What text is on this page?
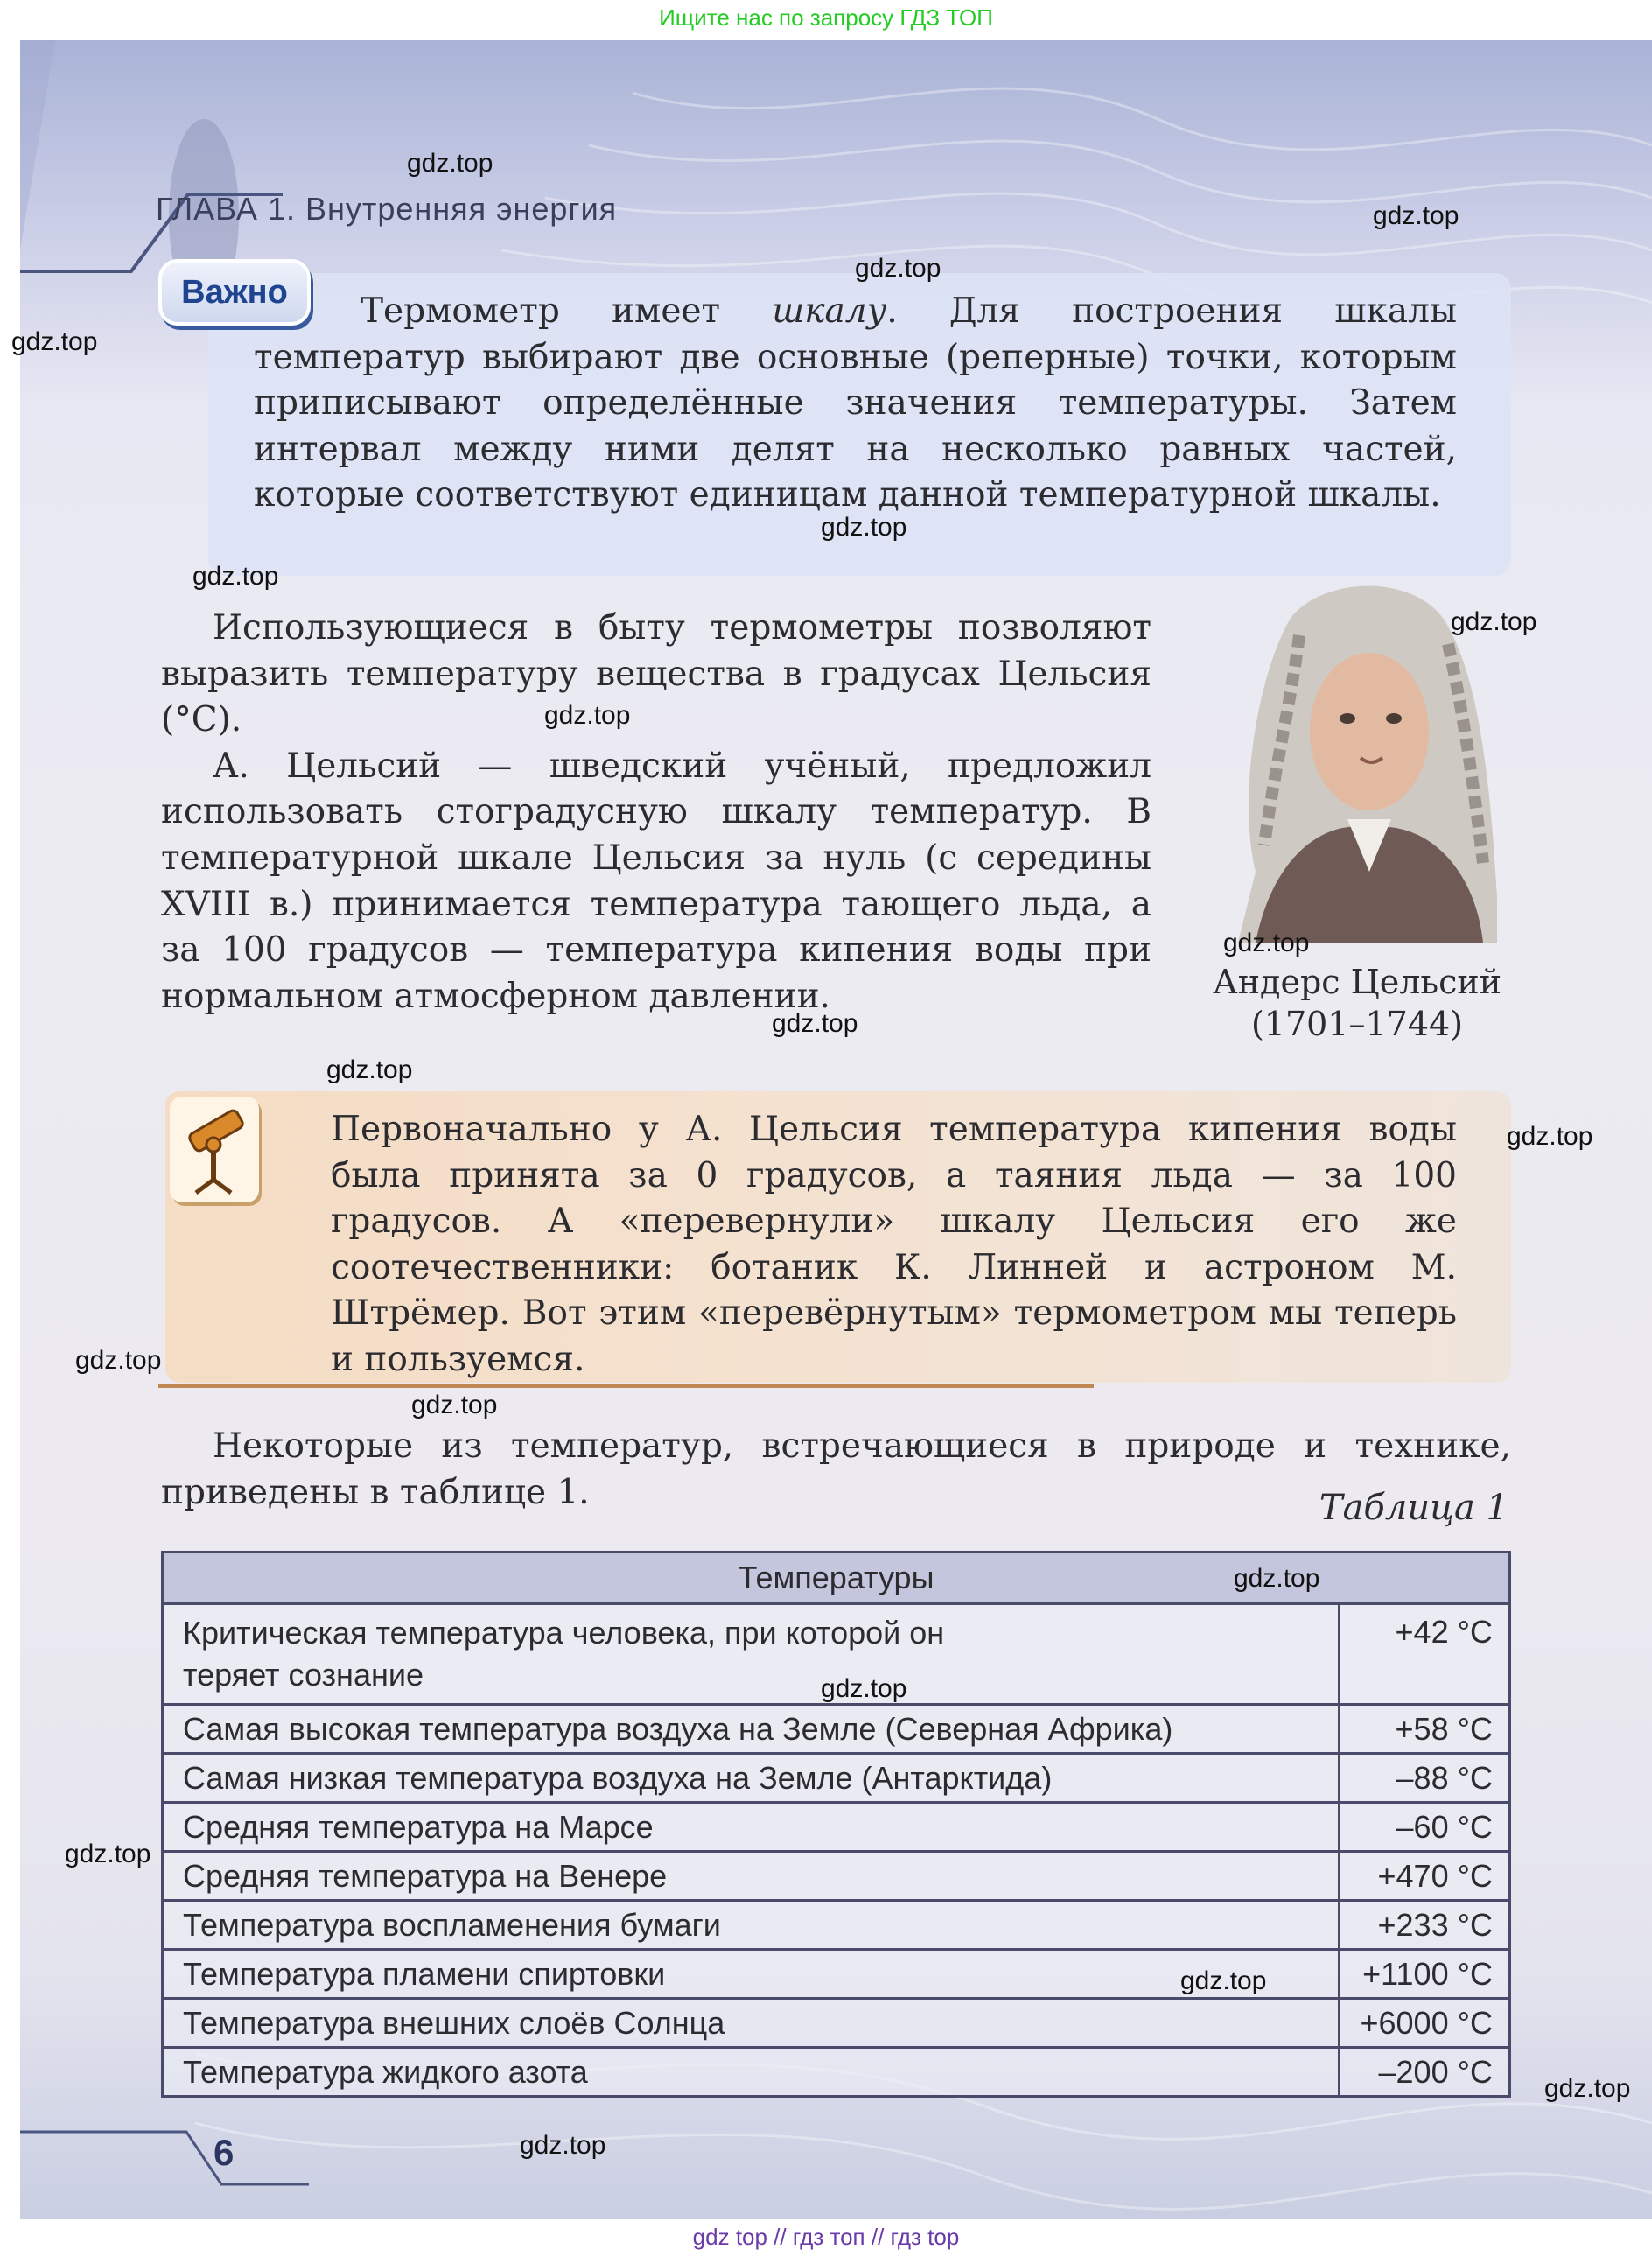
Ищите нас по запросу ГДЗ ТОП
ГЛАВА 1. Внутренняя энергия
Важно	Термометр имеет шкалу. Для построения шкалы температур выбирают две основные (реперные) точки, которым приписывают определённые значения температуры. Затем интервал между ними делят на несколько равных частей, которые соответствуют единицам данной температурной шкалы.

Использующиеся в быту термометры позволяют выразить температуру вещества в градусах Цельсия (°С).

А. Цельсий — шведский учёный, предложил использовать стоградусную шкалу температур. В температурной шкале Цельсия за нуль (с середины XVIII в.) принимается температура тающего льда, а за 100 градусов — температура кипения воды при нормальном атмосферном давлении.	Андерс Цельсий
(1701–1744)
Первоначально у А. Цельсия температура кипения воды была принята за 0 градусов, а таяния льда — за 100 градусов. А «перевернули» шкалу Цельсия его же соотечественники: ботаник К. Линней и астроном М. Штрёмер. Вот этим «перевёрнутым» термометром мы теперь и пользуемся.

Некоторые из температур, встречающиеся в природе и технике, приведены в таблице 1.	Таблица 1
Температуры	
Критическая температура человека, при которой он теряет сознание	+42 °С
Самая высокая температура воздуха на Земле (Северная Африка)	+58 °С
Самая низкая температура воздуха на Земле (Антарктида)	–88 °С
Средняя температура на Марсе	–60 °С
Средняя температура на Венере	+470 °С
Температура воспламенения бумаги	+233 °С
Температура пламени спиртовки	+1100 °С
Температура внешних слоёв Солнца	+6000 °С
Температура жидкого азота	–200 °С
6
gdz.top
gdz.top
gdz.top
gdz.top
gdz.top
gdz.top
gdz.top
gdz.top
gdz.top
gdz.top
gdz.top
gdz.top
gdz.top
gdz.top
gdz.top
gdz.top
gdz.top
gdz.top
gdz.top
gdz.top
gdz top // гдз топ // гдз top
